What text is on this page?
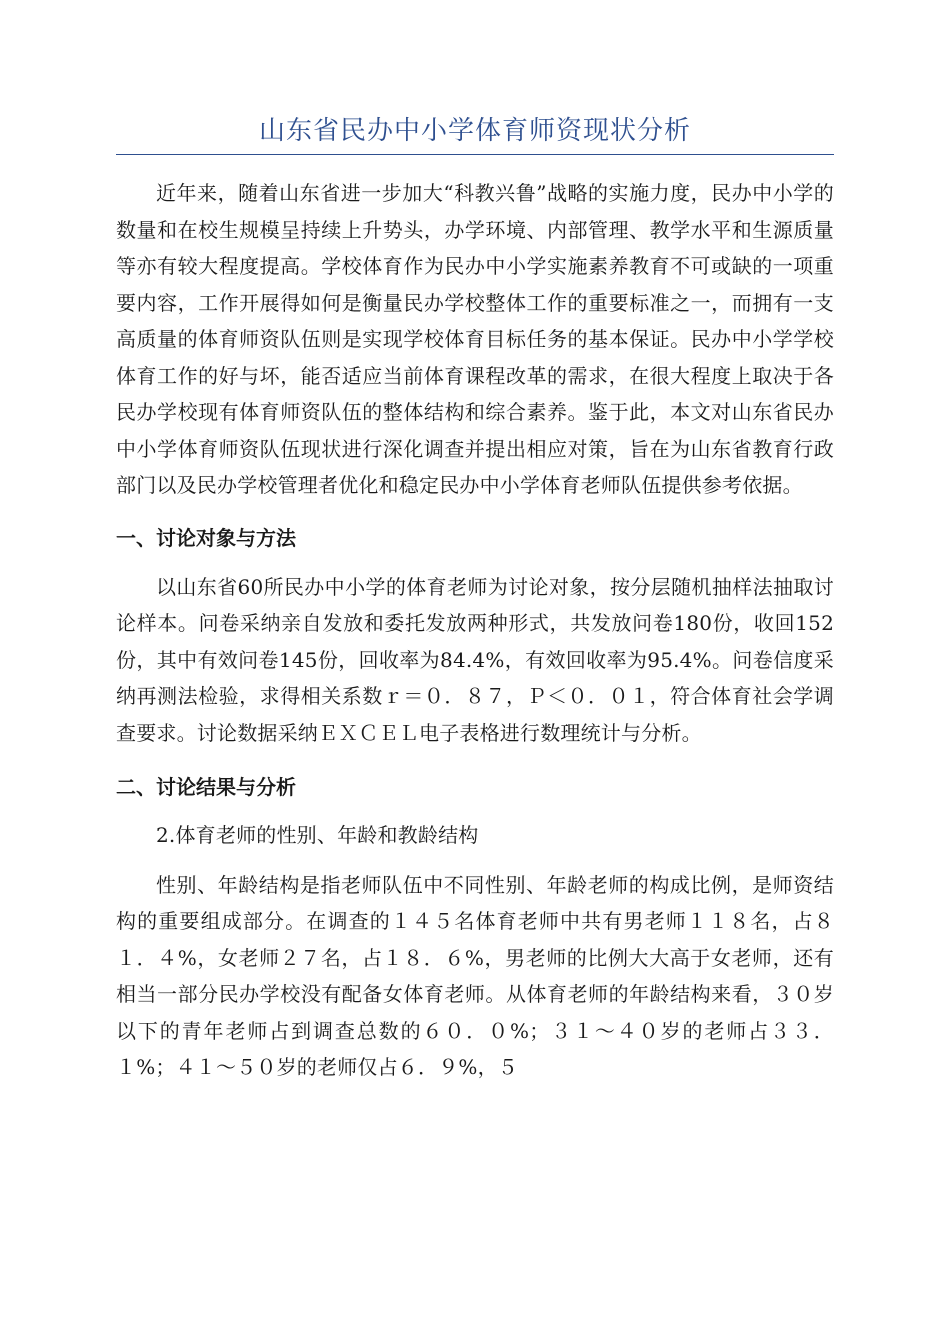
山东省民办中小学体育师资现状分析

近年来，随着山东省进一步加大“科教兴鲁”战略的实施力度，民办中小学的数量和在校生规模呈持续上升势头，办学环境、内部管理、教学水平和生源质量等亦有较大程度提高。学校体育作为民办中小学实施素养教育不可或缺的一项重要内容，工作开展得如何是衡量民办学校整体工作的重要标准之一，而拥有一支高质量的体育师资队伍则是实现学校体育目标任务的基本保证。民办中小学学校体育工作的好与坏，能否适应当前体育课程改革的需求，在很大程度上取决于各民办学校现有体育师资队伍的整体结构和综合素养。鉴于此，本文对山东省民办中小学体育师资队伍现状进行深化调查并提出相应对策，旨在为山东省教育行政部门以及民办学校管理者优化和稳定民办中小学体育老师队伍提供参考依据。

一、讨论对象与方法

以山东省60所民办中小学的体育老师为讨论对象，按分层随机抽样法抽取讨论样本。问卷采纳亲自发放和委托发放两种形式，共发放问卷180份，收回152份，其中有效问卷145份，回收率为84.4%，有效回收率为95.4%。问卷信度采纳再测法检验，求得相关系数ｒ＝０．８７，Ｐ＜０．０１，符合体育社会学调查要求。讨论数据采纳ＥＸＣＥＬ电子表格进行数理统计与分析。

二、讨论结果与分析

2.体育老师的性别、年龄和教龄结构

性别、年龄结构是指老师队伍中不同性别、年龄老师的构成比例，是师资结构的重要组成部分。在调查的１４５名体育老师中共有男老师１１８名，占８１．４%，女老师２７名，占１８．６%，男老师的比例大大高于女老师，还有相当一部分民办学校没有配备女体育老师。从体育老师的年龄结构来看，３０岁以下的青年老师占到调查总数的６０．０%；３１～４０岁的老师占３３．１%；４１～５０岁的老师仅占６．９%，５
